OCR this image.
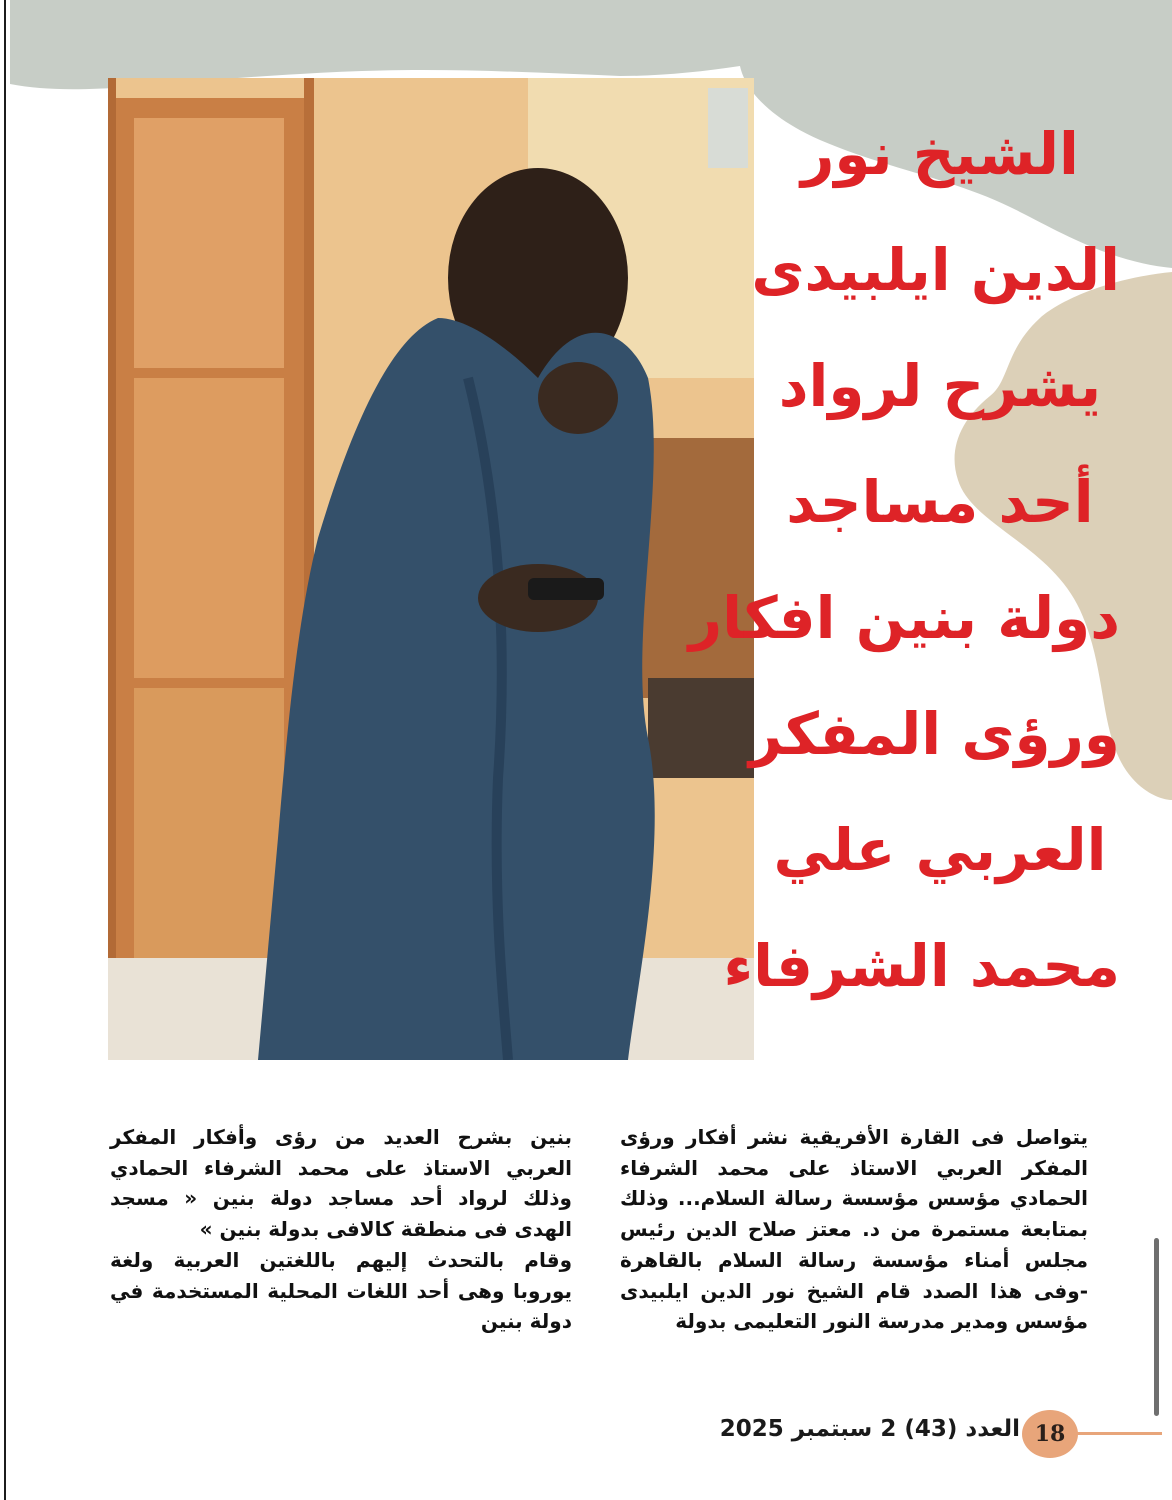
الشيخ نور
الدين ايلبيدى
يشرح لرواد
أحد مساجد
دولة بنين افكار
ورؤى المفكر
العربي علي
محمد الشرفاء

يتواصل فى القارة الأفريقية نشر أفكار ورؤى المفكر العربي الاستاذ على محمد الشرفاء الحمادي مؤسس مؤسسة رسالة السلام... وذلك بمتابعة مستمرة من د. معتز صلاح الدين رئيس مجلس أمناء مؤسسة رسالة السلام بالقاهرة -وفى هذا الصدد قام الشيخ نور الدين ايلبيدى مؤسس ومدير مدرسة النور التعليمى بدولة

بنين بشرح العديد من رؤى وأفكار المفكر العربي الاستاذ على محمد الشرفاء الحمادي وذلك لرواد أحد مساجد دولة بنين « مسجد الهدى فى منطقة كالافى بدولة بنين »

وقام بالتحدث إليهم باللغتين العربية ولغة يوروبا وهى أحد اللغات المحلية المستخدمة في دولة بنين

العدد (43) 2 سبتمبر 2025 18
